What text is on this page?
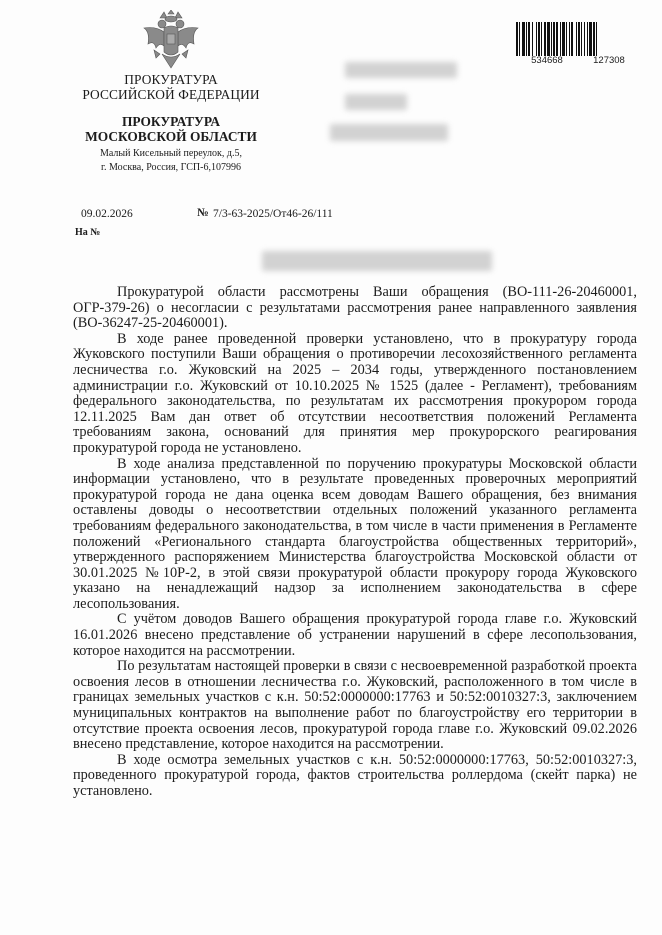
ПРОКУРАТУРА
РОССИЙСКОЙ ФЕДЕРАЦИИ
ПРОКУРАТУРА
МОСКОВСКОЙ ОБЛАСТИ
Малый Кисельный переулок, д.5,
г. Москва, Россия, ГСП-6,107996
534668	127308
09.02.2026	№ 7/3-63-2025/От46-26/111
На №

Прокуратурой области рассмотрены Ваши обращения (ВО-111-26-20460001, ОГР-379-26) о несогласии с результатами рассмотрения ранее направленного заявления (ВО-36247-25-20460001).

В ходе ранее проведенной проверки установлено, что в прокуратуру города Жуковского поступили Ваши обращения о противоречии лесохозяйственного регламента лесничества г.о. Жуковский на 2025 – 2034 годы, утвержденного постановлением администрации г.о. Жуковский от 10.10.2025 № 1525 (далее - Регламент), требованиям федерального законодательства, по результатам их рассмотрения прокурором города 12.11.2025 Вам дан ответ об отсутствии несоответствия положений Регламента требованиям закона, оснований для принятия мер прокурорского реагирования прокуратурой города не установлено.

В ходе анализа представленной по поручению прокуратуры Московской области информации установлено, что в результате проведенных проверочных мероприятий прокуратурой города не дана оценка всем доводам Вашего обращения, без внимания оставлены доводы о несоответствии отдельных положений указанного регламента требованиям федерального законодательства, в том числе в части применения в Регламенте положений «Регионального стандарта благоустройства общественных территорий», утвержденного распоряжением Министерства благоустройства Московской области от 30.01.2025 №10Р-2, в этой связи прокуратурой области прокурору города Жуковского указано на ненадлежащий надзор за исполнением законодательства в сфере лесопользования.

С учётом доводов Вашего обращения прокуратурой города главе г.о. Жуковский 16.01.2026 внесено представление об устранении нарушений в сфере лесопользования, которое находится на рассмотрении.

По результатам настоящей проверки в связи с несвоевременной разработкой проекта освоения лесов в отношении лесничества г.о. Жуковский, расположенного в том числе в границах земельных участков с к.н. 50:52:0000000:17763 и 50:52:0010327:3, заключением муниципальных контрактов на выполнение работ по благоустройству его территории в отсутствие проекта освоения лесов, прокуратурой города главе г.о. Жуковский 09.02.2026 внесено представление, которое находится на рассмотрении.

В ходе осмотра земельных участков с к.н. 50:52:0000000:17763, 50:52:0010327:3, проведенного прокуратурой города, фактов строительства роллердома (скейт парка) не установлено.
